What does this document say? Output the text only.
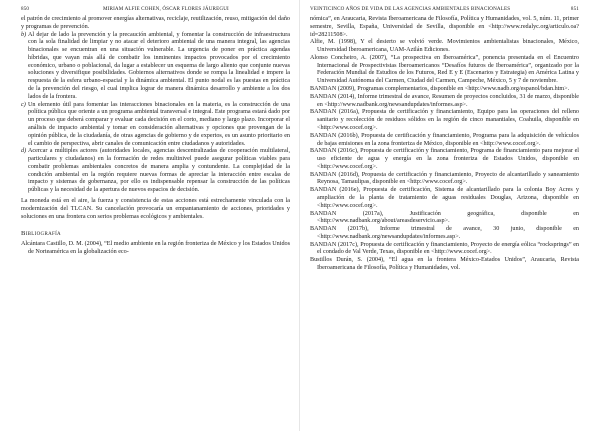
850	MIRIAM ALFIE COHEN, ÓSCAR FLORES JÁUREGUI
el patrón de crecimiento al promover energías alternativas, reciclaje, reutilización, reuso, mitigación del daño y programas de prevención.
b) Al dejar de lado la prevención y la precaución ambiental, y fomentar la construcción de infraestructura con la sola finalidad de limpiar y no atacar el deterioro ambiental de una manera integral, las agencias binacionales se encuentran en una situación vulnerable. La urgencia de poner en práctica agendas híbridas, que vayan más allá de combatir los inminentes impactos provocados por el crecimiento económico, urbano o poblacional, da lugar a establecer un esquema de largo aliento que conjunte nuevas soluciones y diversifique posibilidades. Gobiernos alternativos donde se rompa la linealidad e impere la respuesta de la esfera urbano-espacial y la dinámica ambiental. El punto nodal es las puestas en práctica de la prevención del riesgo, el cual implica lograr de manera dinámica desarrollo y ambiente a los dos lados de la frontera.
c) Un elemento útil para fomentar las interacciones binacionales en la materia, es la construcción de una política pública que oriente a un programa ambiental transversal e integral. Este programa estará dado por un proceso que deberá comparar y evaluar cada decisión en el corto, mediano y largo plazo. Incorporar el análisis de impacto ambiental y tomar en consideración alternativas y opciones que provengan de la opinión pública, de la ciudadanía, de otras agencias de gobierno y de expertos, es un asunto prioritario en el cambio de perspectiva, abrir canales de comunicación entre ciudadanos y autoridades.
d) Acercar a múltiples actores (autoridades locales, agencias descentralizadas de cooperación multilateral, particulares y ciudadanos) en la formación de redes multinivel puede asegurar políticas viables para combatir problemas ambientales concretos de manera amplia y contundente. La complejidad de la condición ambiental en la región requiere nuevas formas de apreciar la interacción entre escalas de impacto y sistemas de gobernanza, por ello es indispensable repensar la construcción de las políticas públicas y la necesidad de la apertura de nuevos espacios de decisión.
La moneda está en el aire, la fuerza y consistencia de estas acciones está estrechamente vinculada con la modernización del TLCAN. Su cancelación provocaría un empantanamiento de acciones, prioridades y soluciones en una frontera con serios problemas ecológicos y ambientales.
Bibliografía
Alcántara Castillo, D. M. (2004), “El medio ambiente en la región fronteriza de México y los Estados Unidos de Norteamérica en la globalización eco-
VEINTICINCO AÑOS DE VIDA DE LAS AGENCIAS AMBIENTALES BINACIONALES	851
nómica”, en Araucaria, Revista Iberoamericana de Filosofía, Política y Humanidades, vol. 5, núm. 11, primer semestre, Sevilla, España, Universidad de Sevilla, disponible en <http://www.redalyc.org/articulo.oa?id=28211508>.
Alfie, M. (1998), Y el desierto se volvió verde. Movimientos ambientalistas binacionales, México, Universidad Iberoamericana, UAM-Aztlán Ediciones.
Alonso Concheiro, A. (2007), “La prospectiva en Iberoamérica”, ponencia presentada en el Encuentro Internacional de Prospectivistas Iberoamericanos “Desafíos futuros de Iberoamérica”, organizado por la Federación Mundial de Estudios de los Futuros, Red E y E (Escenarios y Estrategia) en América Latina y Universidad Autónoma del Carmen, Ciudad del Carmen, Campeche, México, 5 y 7 de noviembre.
BANDAN (2009), Programas complementarios, disponible en <http://www.nadb.org/espanol/bdan.htm>.
BANDAN (2014), Informe trimestral de avance, Resumen de proyectos concluidos, 31 de marzo, disponible en <http://www.nadbank.org/newsandupdates/informes.asp>.
BANDAN (2016a), Propuesta de certificación y financiamiento, Equipo para las operaciones del relleno sanitario y recolección de residuos sólidos en la región de cinco manantiales, Coahuila, disponible en <http://www.cocef.org>.
BANDAN (2016b), Propuesta de certificación y financiamiento, Programa para la adquisición de vehículos de bajas emisiones en la zona fronteriza de México, disponible en <http://www.cocef.org>.
BANDAN (2016c), Propuesta de certificación y financiamiento, Programa de financiamiento para mejorar el uso eficiente de agua y energía en la zona fronteriza de Estados Unidos, disponible en <http://www.cocef.org>.
BANDAN (2016d), Propuesta de certificación y financiamiento, Proyecto de alcantarillado y saneamiento Reynosa, Tamaulipas, disponible en <http://www.cocef.org>.
BANDAN (2016e), Propuesta de certificación, Sistema de alcantarillado para la colonia Boy Acres y ampliación de la planta de tratamiento de aguas residuales Douglas, Arizona, disponible en <http://www.cocef.org>.
BANDAN (2017a), Justificación geográfica, disponible en <http://www.nadbank.org/about/areasdeservicio.asp>.
BANDAN (2017b), Informe trimestral de avance, 30 junio, disponible en <http://www.nadbank.org/newsandupdates/informes.asp>.
BANDAN (2017c), Propuesta de certificación y financiamiento, Proyecto de energía eólica “rocksprings” en el condado de Val Verde, Texas, disponible en <http://www.cocef.org>.
Bustillos Durán, S. (2004), “El agua en la frontera México-Estados Unidos”, Araucaria, Revista Iberoamericana de Filosofía, Política y Humanidades, vol.
